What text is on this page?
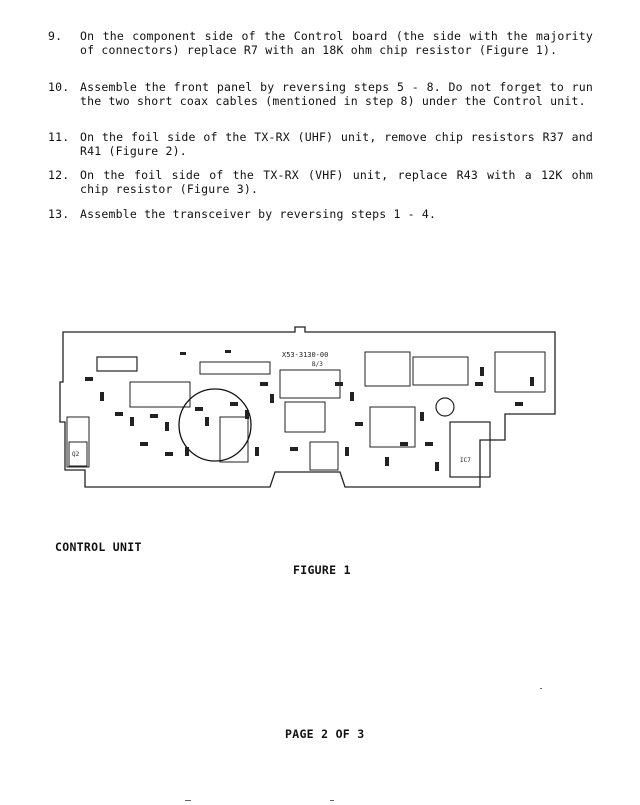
9.	On the component side of the Control board (the side with the majority of connectors) replace R7 with an 18K ohm chip resistor (Figure 1).
10. Assemble the front panel by reversing steps 5 - 8. Do not forget to run the two short coax cables (mentioned in step 8) under the Control unit.
11. On the foil side of the TX-RX (UHF) unit, remove chip resistors R37 and R41 (Figure 2).
12. On the foil side of the TX-RX (VHF) unit, replace R43 with a 12K ohm chip resistor (Figure 3).
13. Assemble the transceiver by reversing steps 1 - 4.
Q2
X53-3130-00
B/3
IC7
CONTROL UNIT
FIGURE 1
PAGE 2 OF 3
